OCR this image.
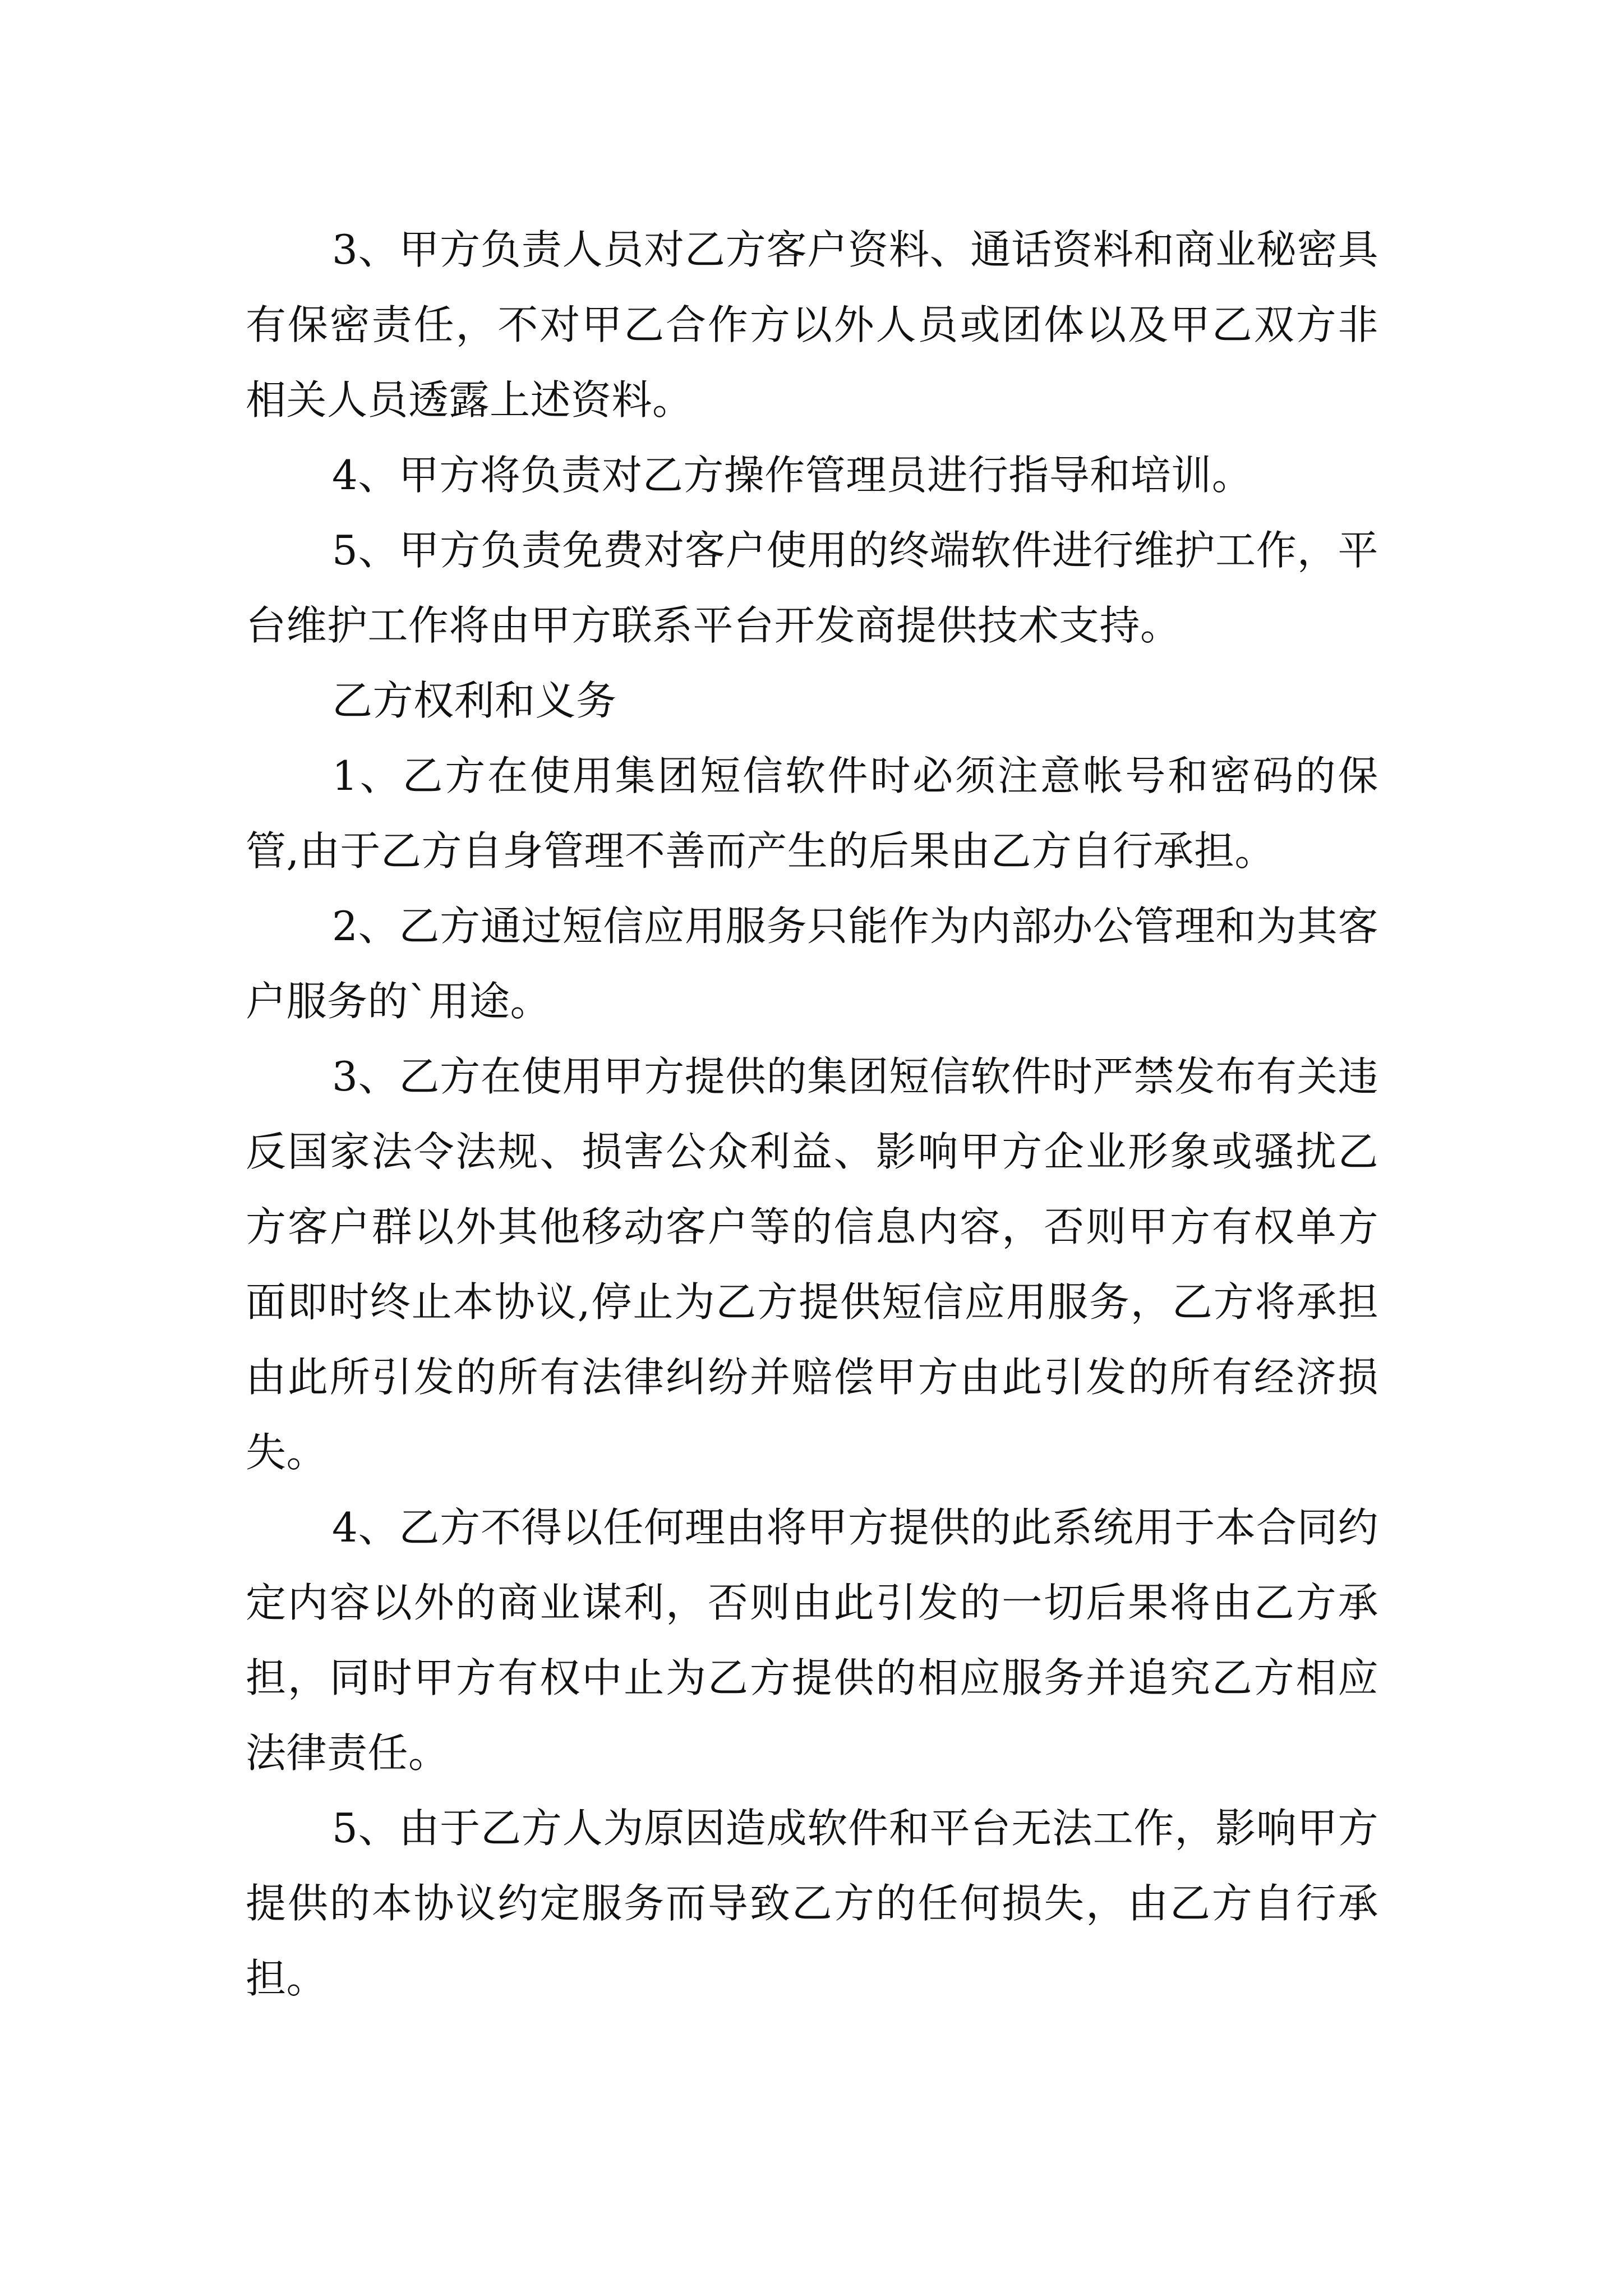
3、甲方负责人员对乙方客户资料、通话资料和商业秘密具有保密责任，不对甲乙合作方以外人员或团体以及甲乙双方非相关人员透露上述资料。

4、甲方将负责对乙方操作管理员进行指导和培训。

5、甲方负责免费对客户使用的终端软件进行维护工作，平台维护工作将由甲方联系平台开发商提供技术支持。

乙方权利和义务

1、乙方在使用集团短信软件时必须注意帐号和密码的保管,由于乙方自身管理不善而产生的后果由乙方自行承担。

2、乙方通过短信应用服务只能作为内部办公管理和为其客户服务的`用途。

3、乙方在使用甲方提供的集团短信软件时严禁发布有关违反国家法令法规、损害公众利益、影响甲方企业形象或骚扰乙方客户群以外其他移动客户等的信息内容，否则甲方有权单方面即时终止本协议,停止为乙方提供短信应用服务，乙方将承担由此所引发的所有法律纠纷并赔偿甲方由此引发的所有经济损失。

4、乙方不得以任何理由将甲方提供的此系统用于本合同约定内容以外的商业谋利，否则由此引发的一切后果将由乙方承担，同时甲方有权中止为乙方提供的相应服务并追究乙方相应法律责任。

5、由于乙方人为原因造成软件和平台无法工作，影响甲方提供的本协议约定服务而导致乙方的任何损失，由乙方自行承担。
